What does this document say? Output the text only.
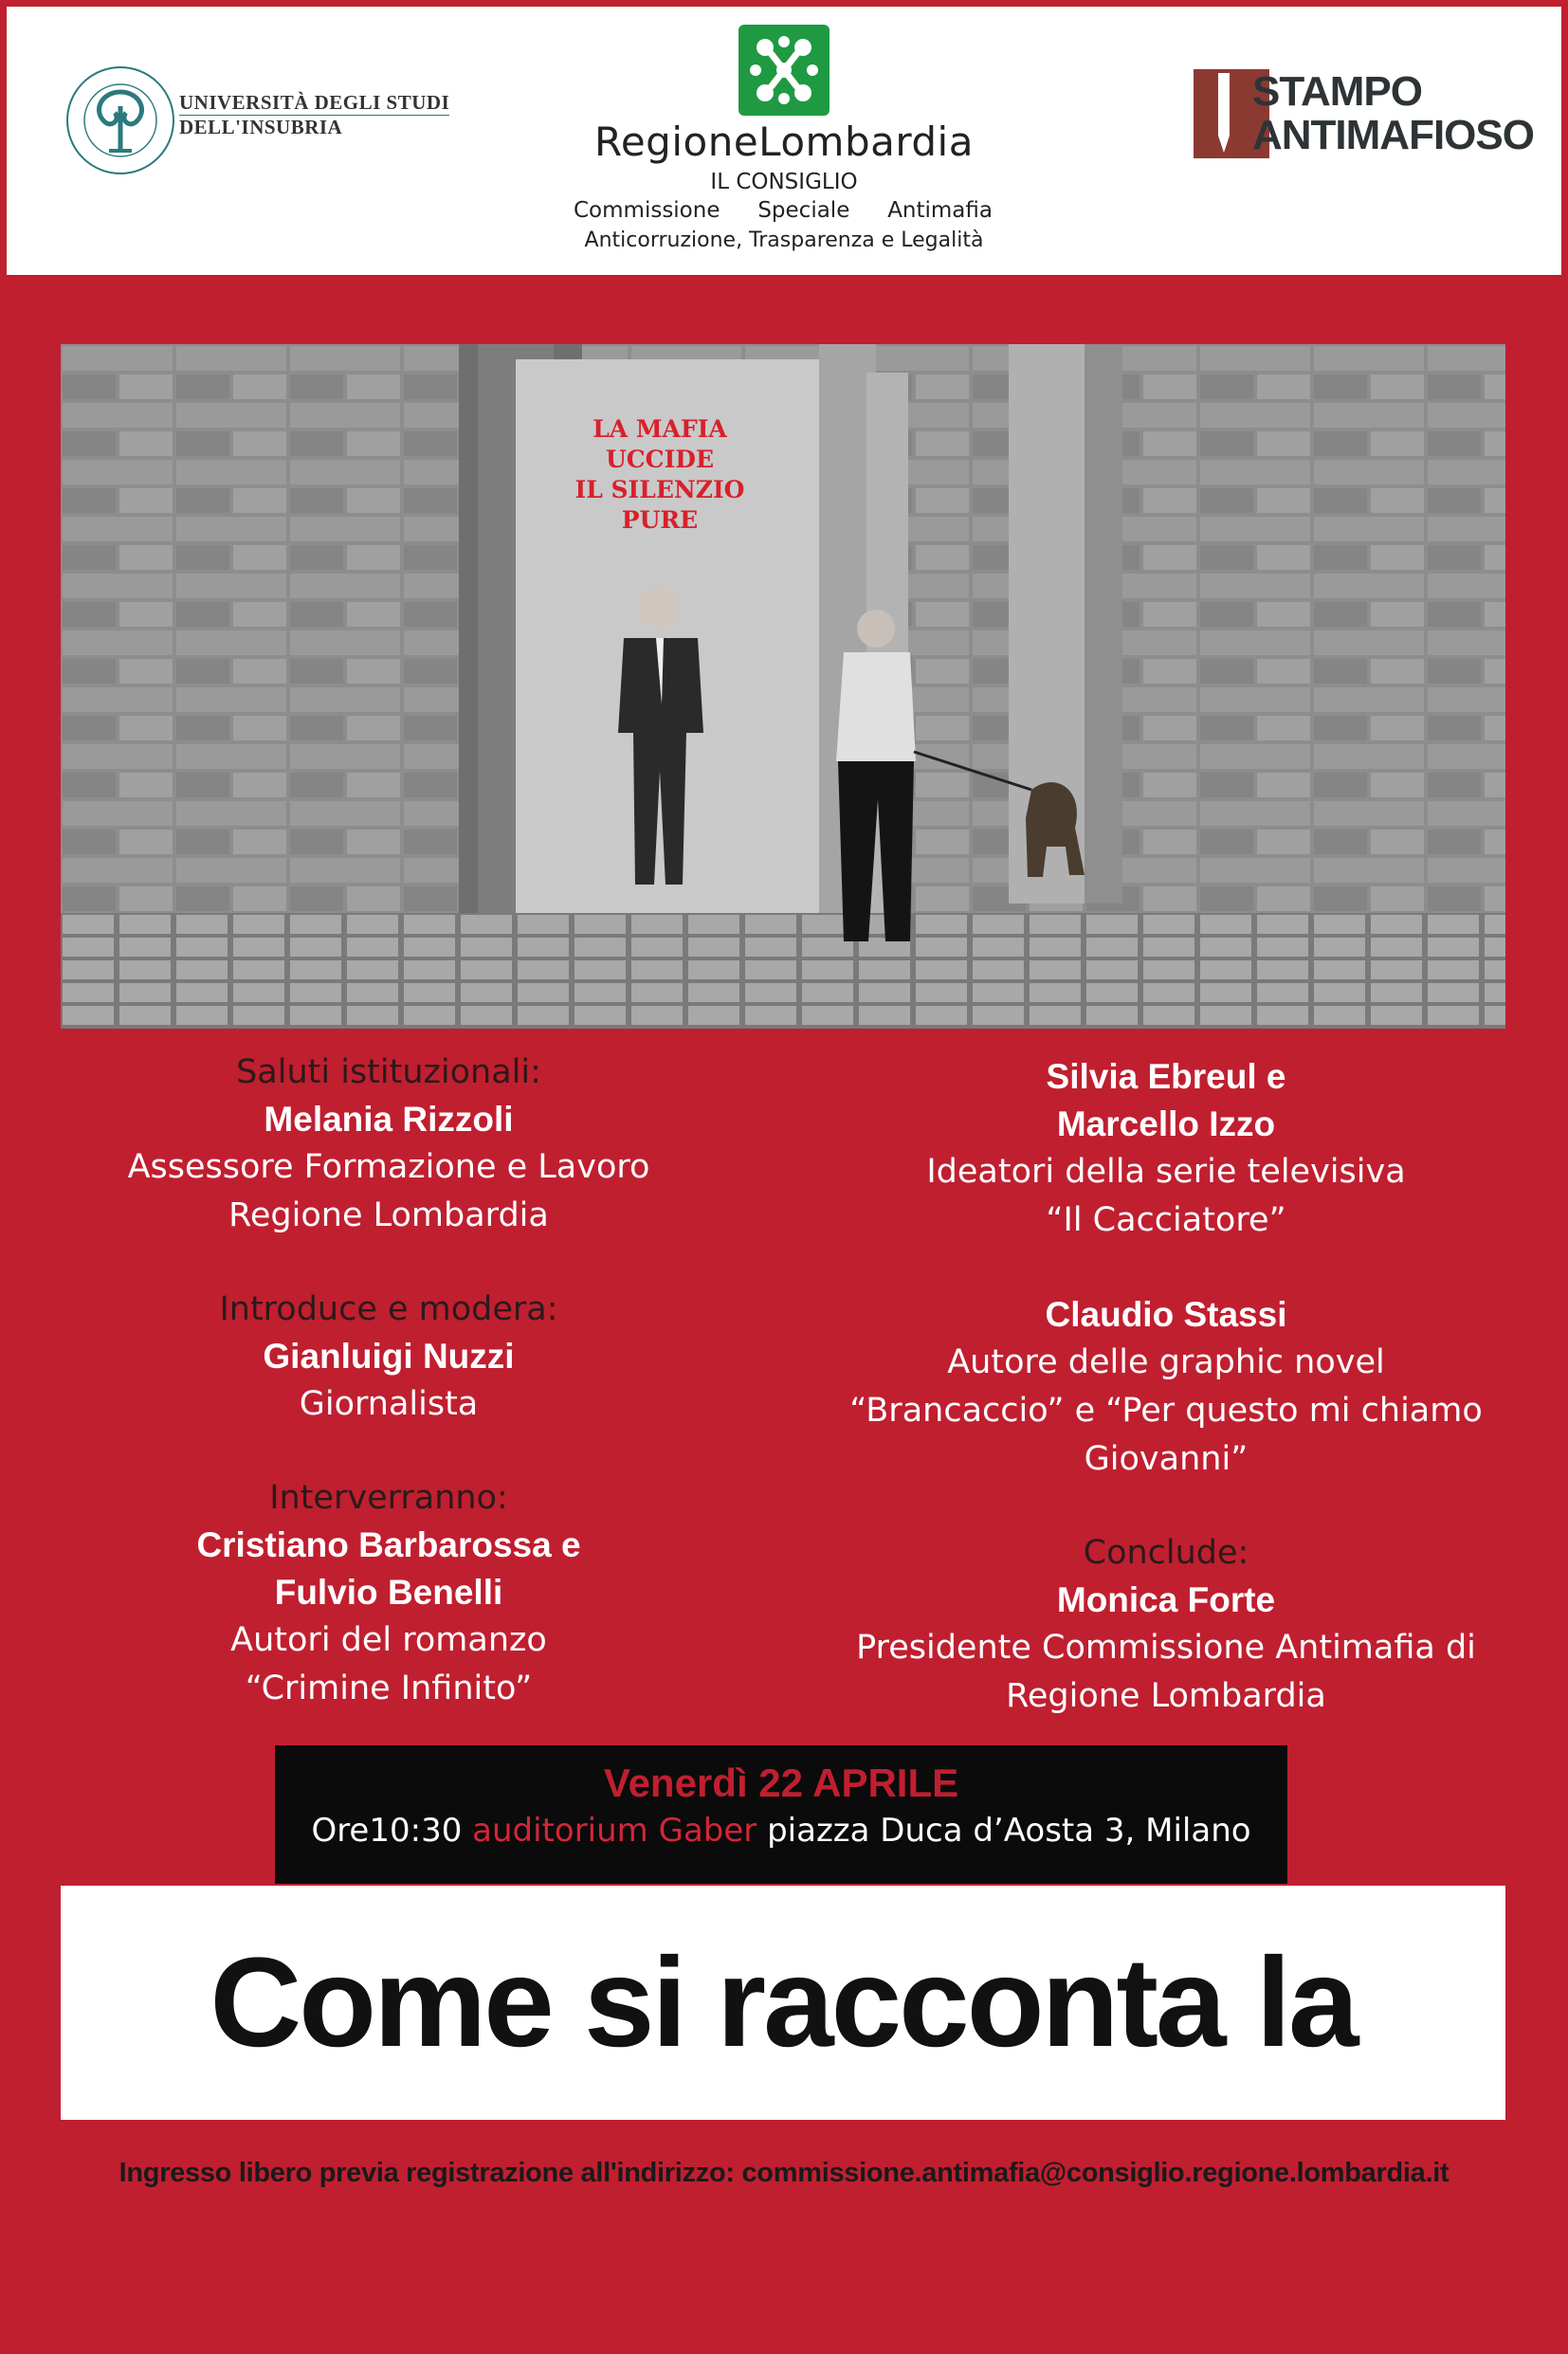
UNIVERSITÀ DEGLI STUDI
DELL'INSUBRIA	RegioneLombardia
IL CONSIGLIO
Commissione Speciale Antimafia
Anticorruzione, Trasparenza e Legalità
STAMPO
ANTIMAFIOSO
LA MAFIA
UCCIDE
IL SILENZIO
PURE
Saluti istituzionali:
Melania Rizzoli
Assessore Formazione e Lavoro
Regione Lombardia
Introduce e modera:
Gianluigi Nuzzi
Giornalista
Interverranno:
Cristiano Barbarossa e
Fulvio Benelli
Autori del romanzo
“Crimine Infinito”
Silvia Ebreul e
Marcello Izzo
Ideatori della serie televisiva
“Il Cacciatore”
Claudio Stassi
Autore delle graphic novel
“Brancaccio” e “Per questo mi chiamo
Giovanni”
Conclude:
Monica Forte
Presidente Commissione Antimafia di
Regione Lombardia
Venerdì 22 APRILE
Ore10:30 auditorium Gaber piazza Duca d’Aosta 3, Milano
Come si racconta la MAFIA
Ingresso libero previa registrazione all'indirizzo: commissione.antimafia@consiglio.regione.lombardia.it
